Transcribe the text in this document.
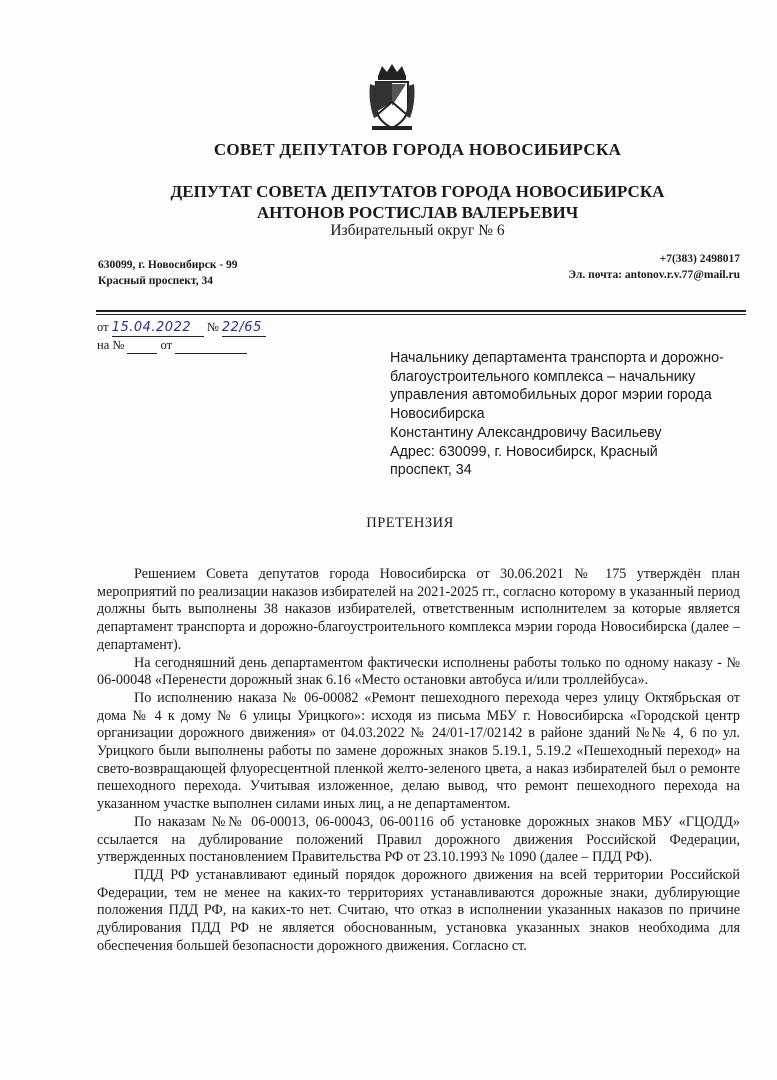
СОВЕТ ДЕПУТАТОВ ГОРОДА НОВОСИБИРСКА
ДЕПУТАТ СОВЕТА ДЕПУТАТОВ ГОРОДА НОВОСИБИРСКА
АНТОНОВ РОСТИСЛАВ ВАЛЕРЬЕВИЧ
Избирательный округ № 6
630099, г. Новосибирск - 99
Красный проспект, 34
+7(383) 2498017
Эл. почта: antonov.r.v.77@mail.ru
от 15.04.2022 № 22/65
на №	от
Начальнику департамента транспорта и дорожно-
благоустроительного комплекса – начальнику
управления автомобильных дорог мэрии города
Новосибирска
Константину Александровичу Васильеву
Адрес: 630099, г. Новосибирск, Красный
проспект, 34
ПРЕТЕНЗИЯ

Решением Совета депутатов города Новосибирска от 30.06.2021 № 175 утверждён план мероприятий по реализации наказов избирателей на 2021-2025 гг., согласно которому в указанный период должны быть выполнены 38 наказов избирателей, ответственным исполнителем за которые является департамент транспорта и дорожно-благоустроительного комплекса мэрии города Новосибирска (далее – департамент).

На сегодняшний день департаментом фактически исполнены работы только по одному наказу - № 06-00048 «Перенести дорожный знак 6.16 «Место остановки автобуса и/или троллейбуса».

По исполнению наказа № 06-00082 «Ремонт пешеходного перехода через улицу Октябрьская от дома № 4 к дому № 6 улицы Урицкого»: исходя из письма МБУ г. Новосибирска «Городской центр организации дорожного движения» от 04.03.2022 № 24/01-17/02142 в районе зданий №№ 4, 6 по ул. Урицкого были выполнены работы по замене дорожных знаков 5.19.1, 5.19.2 «Пешеходный переход» на свето-возвращающей флуоресцентной пленкой желто-зеленого цвета, а наказ избирателей был о ремонте пешеходного перехода. Учитывая изложенное, делаю вывод, что ремонт пешеходного перехода на указанном участке выполнен силами иных лиц, а не департаментом.

По наказам №№ 06-00013, 06-00043, 06-00116 об установке дорожных знаков МБУ «ГЦОДД» ссылается на дублирование положений Правил дорожного движения Российской Федерации, утвержденных постановлением Правительства РФ от 23.10.1993 № 1090 (далее – ПДД РФ).

ПДД РФ устанавливают единый порядок дорожного движения на всей территории Российской Федерации, тем не менее на каких-то территориях устанавливаются дорожные знаки, дублирующие положения ПДД РФ, на каких-то нет. Считаю, что отказ в исполнении указанных наказов по причине дублирования ПДД РФ не является обоснованным, установка указанных знаков необходима для обеспечения большей безопасности дорожного движения. Согласно ст.
